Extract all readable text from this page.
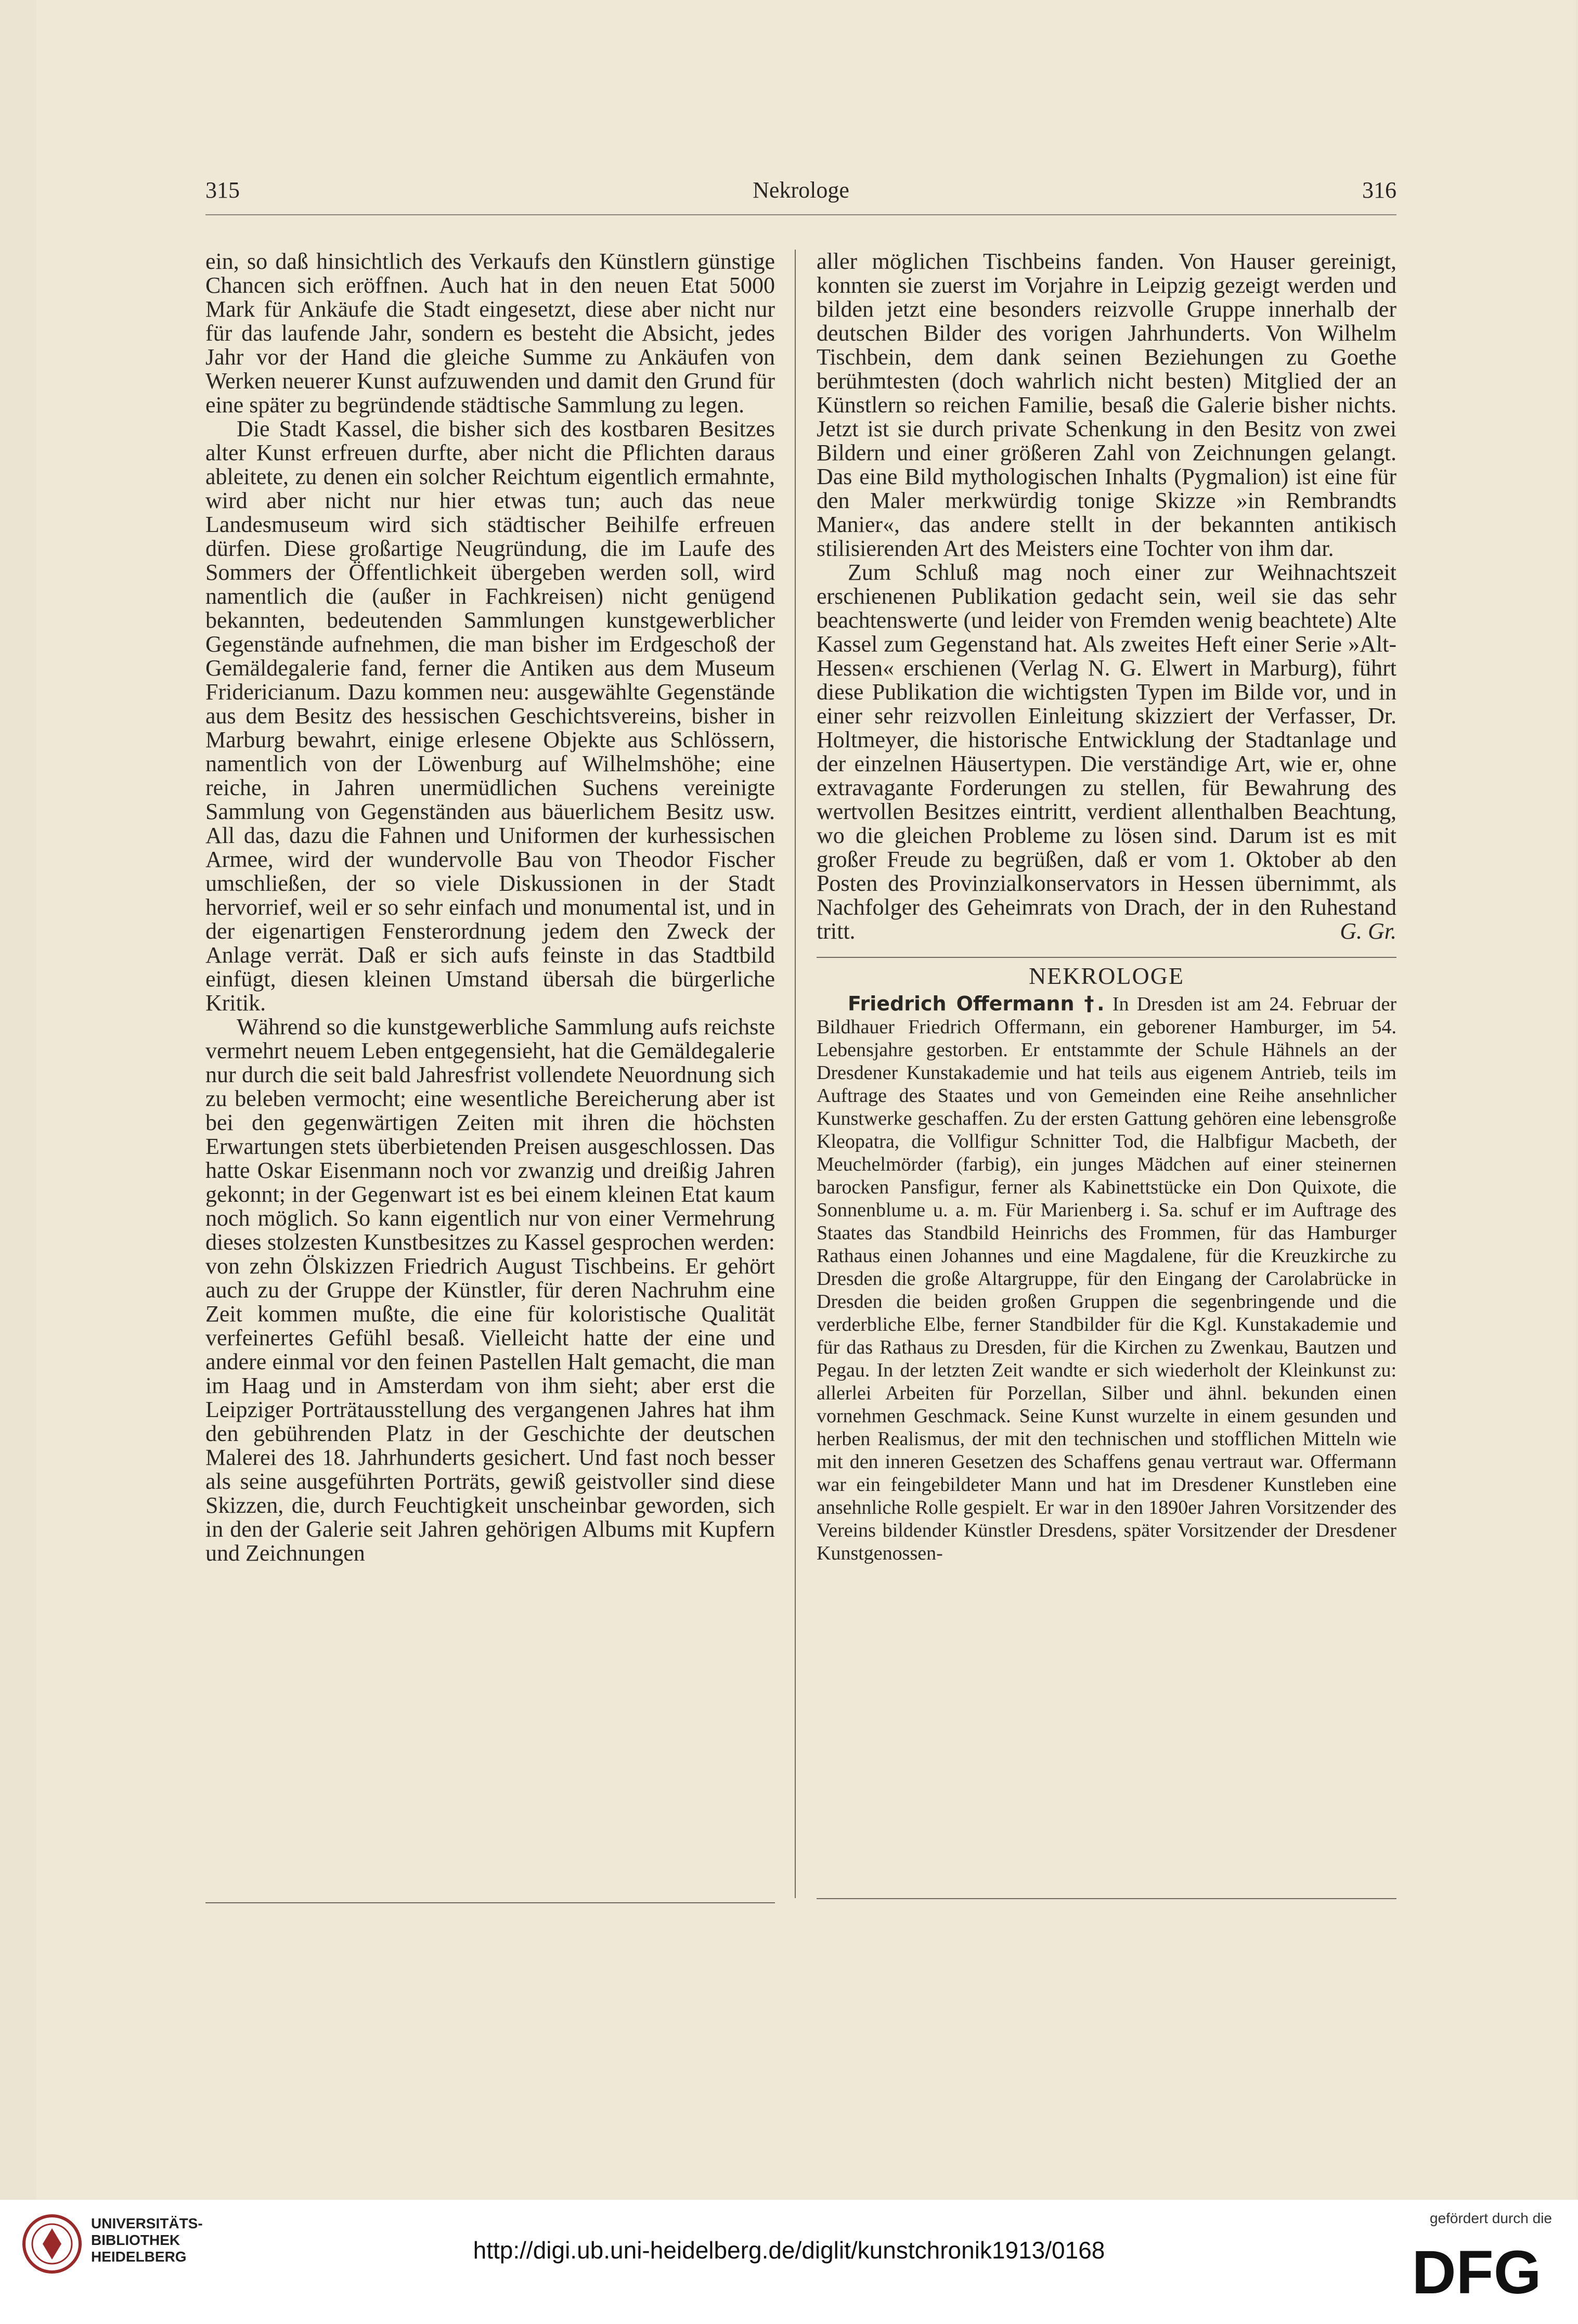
315	Nekrologe	316

ein, so daß hinsichtlich des Verkaufs den Künstlern günstige Chancen sich eröffnen. Auch hat in den neuen Etat 5000 Mark für Ankäufe die Stadt eingesetzt, diese aber nicht nur für das laufende Jahr, sondern es besteht die Absicht, jedes Jahr vor der Hand die gleiche Summe zu Ankäufen von Werken neuerer Kunst aufzuwenden und damit den Grund für eine später zu begründende städtische Sammlung zu legen.

Die Stadt Kassel, die bisher sich des kostbaren Besitzes alter Kunst erfreuen durfte, aber nicht die Pflichten daraus ableitete, zu denen ein solcher Reichtum eigentlich ermahnte, wird aber nicht nur hier etwas tun; auch das neue Landesmuseum wird sich städtischer Beihilfe erfreuen dürfen. Diese großartige Neugründung, die im Laufe des Sommers der Öffentlichkeit übergeben werden soll, wird namentlich die (außer in Fachkreisen) nicht genügend bekannten, bedeutenden Sammlungen kunstgewerblicher Gegenstände aufnehmen, die man bisher im Erdgeschoß der Gemäldegalerie fand, ferner die Antiken aus dem Museum Fridericianum. Dazu kommen neu: ausgewählte Gegenstände aus dem Besitz des hessischen Geschichtsvereins, bisher in Marburg bewahrt, einige erlesene Objekte aus Schlössern, namentlich von der Löwenburg auf Wilhelmshöhe; eine reiche, in Jahren unermüdlichen Suchens vereinigte Sammlung von Gegenständen aus bäuerlichem Besitz usw. All das, dazu die Fahnen und Uniformen der kurhessischen Armee, wird der wundervolle Bau von Theodor Fischer umschließen, der so viele Diskussionen in der Stadt hervorrief, weil er so sehr einfach und monumental ist, und in der eigenartigen Fensterordnung jedem den Zweck der Anlage verrät. Daß er sich aufs feinste in das Stadtbild einfügt, diesen kleinen Umstand übersah die bürgerliche Kritik.

Während so die kunstgewerbliche Sammlung aufs reichste vermehrt neuem Leben entgegensieht, hat die Gemäldegalerie nur durch die seit bald Jahresfrist vollendete Neuordnung sich zu beleben vermocht; eine wesentliche Bereicherung aber ist bei den gegenwärtigen Zeiten mit ihren die höchsten Erwartungen stets überbietenden Preisen ausgeschlossen. Das hatte Oskar Eisenmann noch vor zwanzig und dreißig Jahren gekonnt; in der Gegenwart ist es bei einem kleinen Etat kaum noch möglich. So kann eigentlich nur von einer Vermehrung dieses stolzesten Kunstbesitzes zu Kassel gesprochen werden: von zehn Ölskizzen Friedrich August Tischbeins. Er gehört auch zu der Gruppe der Künstler, für deren Nachruhm eine Zeit kommen mußte, die eine für koloristische Qualität verfeinertes Gefühl besaß. Vielleicht hatte der eine und andere einmal vor den feinen Pastellen Halt gemacht, die man im Haag und in Amsterdam von ihm sieht; aber erst die Leipziger Porträtausstellung des vergangenen Jahres hat ihm den gebührenden Platz in der Geschichte der deutschen Malerei des 18. Jahrhunderts gesichert. Und fast noch besser als seine ausgeführten Porträts, gewiß geistvoller sind diese Skizzen, die, durch Feuchtigkeit unscheinbar geworden, sich in den der Galerie seit Jahren gehörigen Albums mit Kupfern und Zeichnungen

aller möglichen Tischbeins fanden. Von Hauser gereinigt, konnten sie zuerst im Vorjahre in Leipzig gezeigt werden und bilden jetzt eine besonders reizvolle Gruppe innerhalb der deutschen Bilder des vorigen Jahrhunderts. Von Wilhelm Tischbein, dem dank seinen Beziehungen zu Goethe berühmtesten (doch wahrlich nicht besten) Mitglied der an Künstlern so reichen Familie, besaß die Galerie bisher nichts. Jetzt ist sie durch private Schenkung in den Besitz von zwei Bildern und einer größeren Zahl von Zeichnungen gelangt. Das eine Bild mythologischen Inhalts (Pygmalion) ist eine für den Maler merkwürdig tonige Skizze »in Rembrandts Manier«, das andere stellt in der bekannten antikisch stilisierenden Art des Meisters eine Tochter von ihm dar.

Zum Schluß mag noch einer zur Weihnachtszeit erschienenen Publikation gedacht sein, weil sie das sehr beachtenswerte (und leider von Fremden wenig beachtete) Alte Kassel zum Gegenstand hat. Als zweites Heft einer Serie »Alt-Hessen« erschienen (Verlag N. G. Elwert in Marburg), führt diese Publikation die wichtigsten Typen im Bilde vor, und in einer sehr reizvollen Einleitung skizziert der Verfasser, Dr. Holtmeyer, die historische Entwicklung der Stadtanlage und der einzelnen Häusertypen. Die verständige Art, wie er, ohne extravagante Forderungen zu stellen, für Bewahrung des wertvollen Besitzes eintritt, verdient allenthalben Beachtung, wo die gleichen Probleme zu lösen sind. Darum ist es mit großer Freude zu begrüßen, daß er vom 1. Oktober ab den Posten des Provinzialkonservators in Hessen übernimmt, als Nachfolger des Geheimrats von Drach, der in den Ruhestand tritt.	G. Gr.

NEKROLOGE

Friedrich Offermann †. In Dresden ist am 24. Februar der Bildhauer Friedrich Offermann, ein geborener Hamburger, im 54. Lebensjahre gestorben. Er entstammte der Schule Hähnels an der Dresdener Kunstakademie und hat teils aus eigenem Antrieb, teils im Auftrage des Staates und von Gemeinden eine Reihe ansehnlicher Kunstwerke geschaffen. Zu der ersten Gattung gehören eine lebensgroße Kleopatra, die Vollfigur Schnitter Tod, die Halbfigur Macbeth, der Meuchelmörder (farbig), ein junges Mädchen auf einer steinernen barocken Pansfigur, ferner als Kabinettstücke ein Don Quixote, die Sonnenblume u. a. m. Für Marienberg i. Sa. schuf er im Auftrage des Staates das Standbild Heinrichs des Frommen, für das Hamburger Rathaus einen Johannes und eine Magdalene, für die Kreuzkirche zu Dresden die große Altargruppe, für den Eingang der Carolabrücke in Dresden die beiden großen Gruppen die segenbringende und die verderbliche Elbe, ferner Standbilder für die Kgl. Kunstakademie und für das Rathaus zu Dresden, für die Kirchen zu Zwenkau, Bautzen und Pegau. In der letzten Zeit wandte er sich wiederholt der Kleinkunst zu: allerlei Arbeiten für Porzellan, Silber und ähnl. bekunden einen vornehmen Geschmack. Seine Kunst wurzelte in einem gesunden und herben Realismus, der mit den technischen und stofflichen Mitteln wie mit den inneren Gesetzen des Schaffens genau vertraut war. Offermann war ein feingebildeter Mann und hat im Dresdener Kunstleben eine ansehnliche Rolle gespielt. Er war in den 1890er Jahren Vorsitzender des Vereins bildender Künstler Dresdens, später Vorsitzender der Dresdener Kunstgenossen-

UNIVERSITÄTS-
BIBLIOTHEK
HEIDELBERG	http://digi.ub.uni-heidelberg.de/diglit/kunstchronik1913/0168
gefördert durch die
DFG
